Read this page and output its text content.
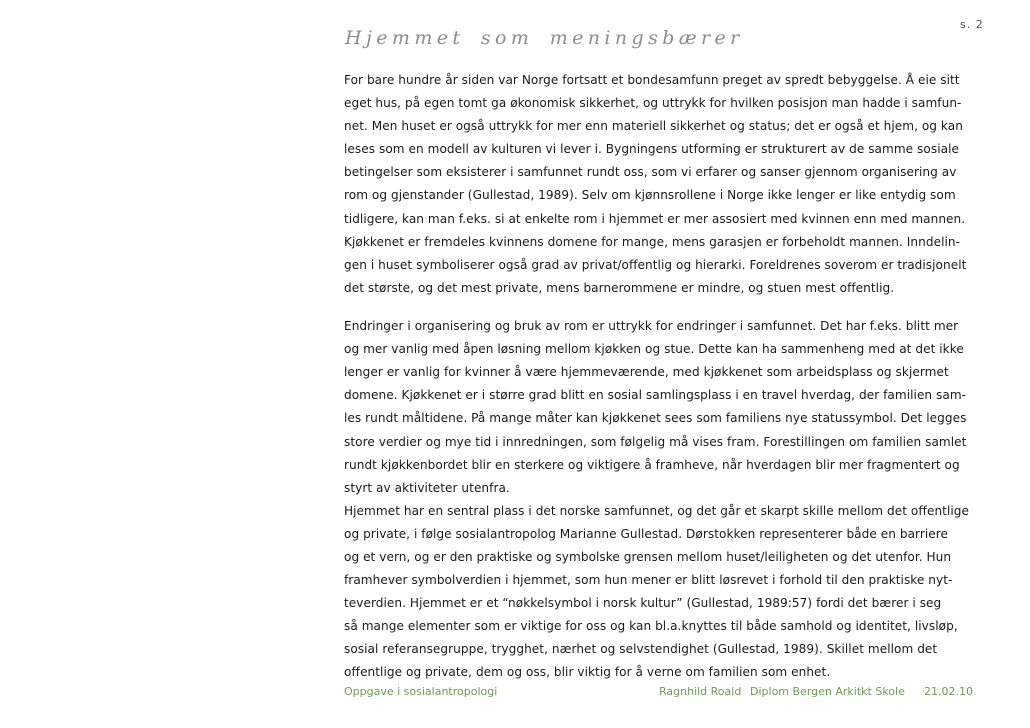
s. 2
Hjemmet som meningsbærer
For bare hundre år siden var Norge fortsatt et bondesamfunn preget av spredt bebyggelse. Å eie sitt
eget hus, på egen tomt ga økonomisk sikkerhet, og uttrykk for hvilken posisjon man hadde i samfun-
net. Men huset er også uttrykk for mer enn materiell sikkerhet og status; det er også et hjem, og kan
leses som en modell av kulturen vi lever i. Bygningens utforming er strukturert av de samme sosiale
betingelser som eksisterer i samfunnet rundt oss, som vi erfarer og sanser gjennom organisering av
rom og gjenstander (Gullestad, 1989). Selv om kjønnsrollene i Norge ikke lenger er like entydig som
tidligere, kan man f.eks. si at enkelte rom i hjemmet er mer assosiert med kvinnen enn med mannen.
Kjøkkenet er fremdeles kvinnens domene for mange, mens garasjen er forbeholdt mannen. Inndelin-
gen i huset symboliserer også grad av privat/offentlig og hierarki. Foreldrenes soverom er tradisjonelt
det største, og det mest private, mens barnerommene er mindre, og stuen mest offentlig.
Endringer i organisering og bruk av rom er uttrykk for endringer i samfunnet. Det har f.eks. blitt mer
og mer vanlig med åpen løsning mellom kjøkken og stue. Dette kan ha sammenheng med at det ikke
lenger er vanlig for kvinner å være hjemmeværende, med kjøkkenet som arbeidsplass og skjermet
domene. Kjøkkenet er i større grad blitt en sosial samlingsplass i en travel hverdag, der familien sam-
les rundt måltidene. På mange måter kan kjøkkenet sees som familiens nye statussymbol. Det legges
store verdier og mye tid i innredningen, som følgelig må vises fram. Forestillingen om familien samlet
rundt kjøkkenbordet blir en sterkere og viktigere å framheve, når hverdagen blir mer fragmentert og
styrt av aktiviteter utenfra.
Hjemmet har en sentral plass i det norske samfunnet, og det går et skarpt skille mellom det offentlige
og private, i følge sosialantropolog Marianne Gullestad. Dørstokken representerer både en barriere
og et vern, og er den praktiske og symbolske grensen mellom huset/leiligheten og det utenfor. Hun
framhever symbolverdien i hjemmet, som hun mener er blitt løsrevet i forhold til den praktiske nyt-
teverdien. Hjemmet er et “nøkkelsymbol i norsk kultur” (Gullestad, 1989:57) fordi det bærer i seg
så mange elementer som er viktige for oss og kan bl.a.knyttes til både samhold og identitet, livsløp,
sosial referansegruppe, trygghet, nærhet og selvstendighet (Gullestad, 1989). Skillet mellom det
offentlige og private, dem og oss, blir viktig for å verne om familien som enhet.
Oppgave i sosialantropologi	Ragnhild Roald Diplom Bergen Arkitkt Skole 21.02.10
